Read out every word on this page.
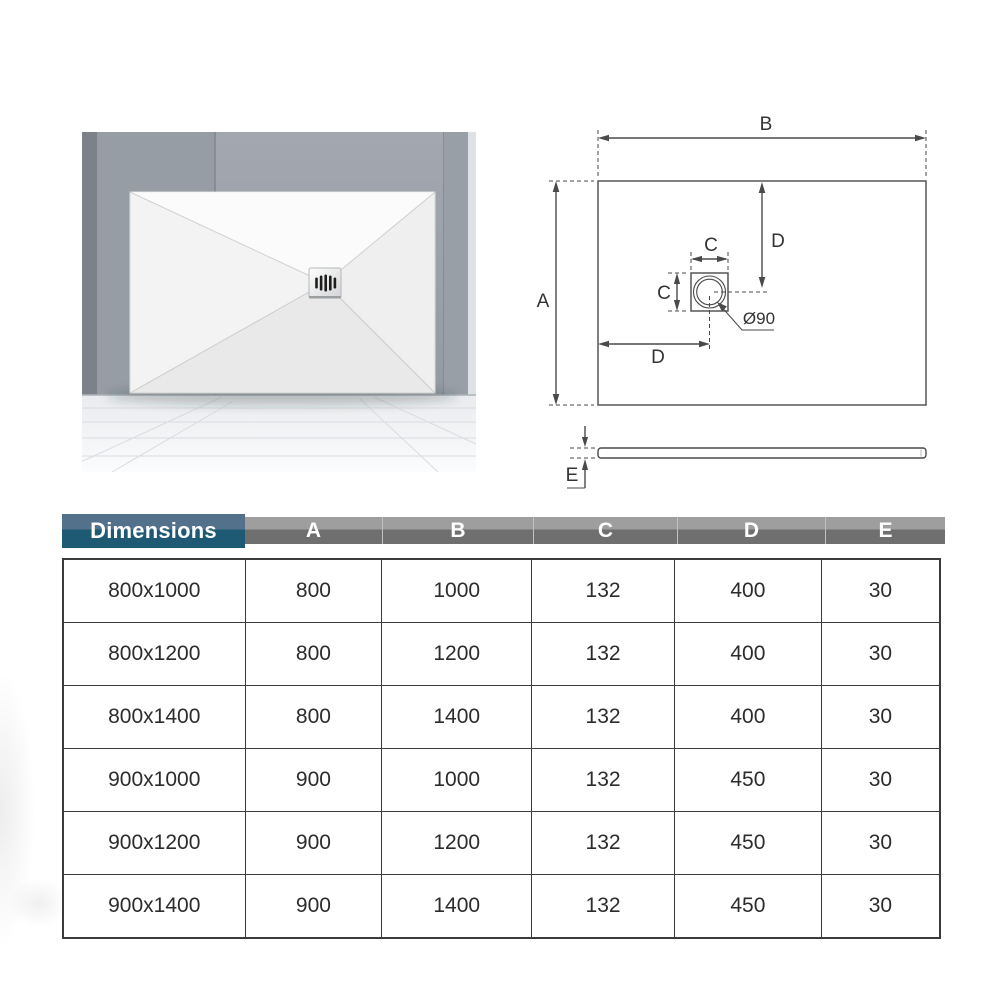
B
A
D
C
C
Ø90
D
E
Dimensions	A	B	C	D	E
800x1000	800	1000	132	400	30
800x1200	800	1200	132	400	30
800x1400	800	1400	132	400	30
900x1000	900	1000	132	450	30
900x1200	900	1200	132	450	30
900x1400	900	1400	132	450	30
